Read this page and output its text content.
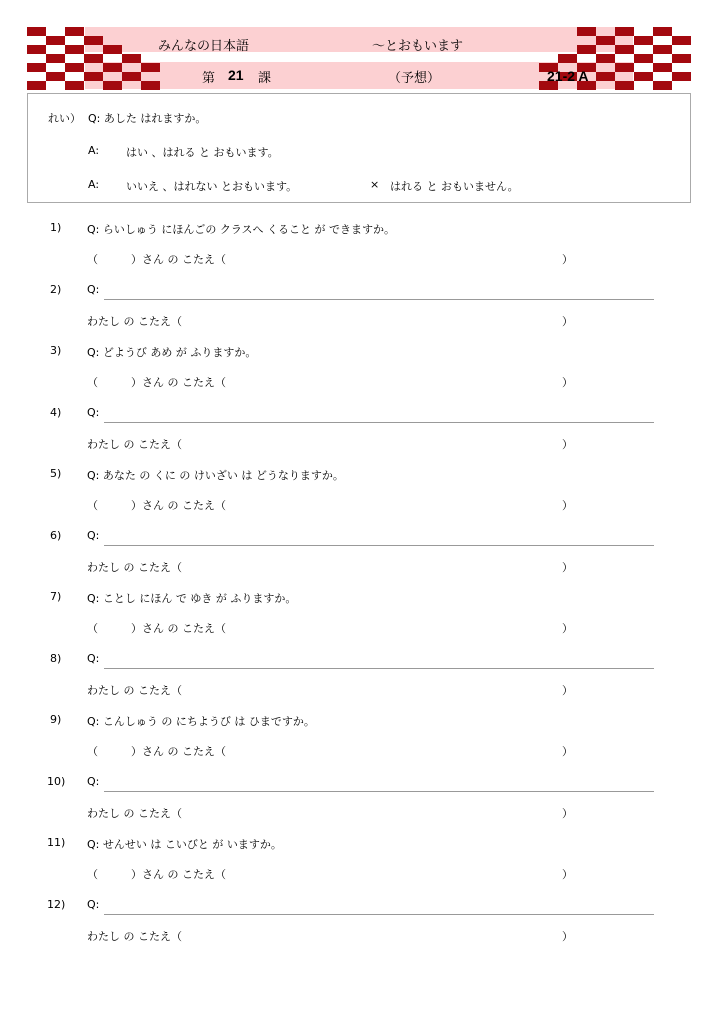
みんなの日本語	～とおもいます
第 21 課	（予想）	21-2 A
れい） Q: あした はれますか。
A: はい 、はれる と おもいます。
A: いいえ 、はれない とおもいます。	× はれる と おもいません。
1) Q: らいしゅう にほんごの クラスへ くること が できますか。
（　　　）さん の こたえ（	）
2) Q:
わたし の こたえ（	）
3) Q: どようび あめ が ふりますか。
（　　　）さん の こたえ（	）
4) Q:
わたし の こたえ（	）
5) Q: あなた の くに の けいざい は どうなりますか。
（　　　）さん の こたえ（	）
6) Q:
わたし の こたえ（	）
7) Q: ことし にほん で ゆき が ふりますか。
（　　　）さん の こたえ（	）
8) Q:
わたし の こたえ（	）
9) Q: こんしゅう の にちようび は ひまですか。
（　　　）さん の こたえ（	）
10) Q:
わたし の こたえ（	）
11) Q: せんせい は こいびと が いますか。
（　　　）さん の こたえ（	）
12) Q:
わたし の こたえ（	）
